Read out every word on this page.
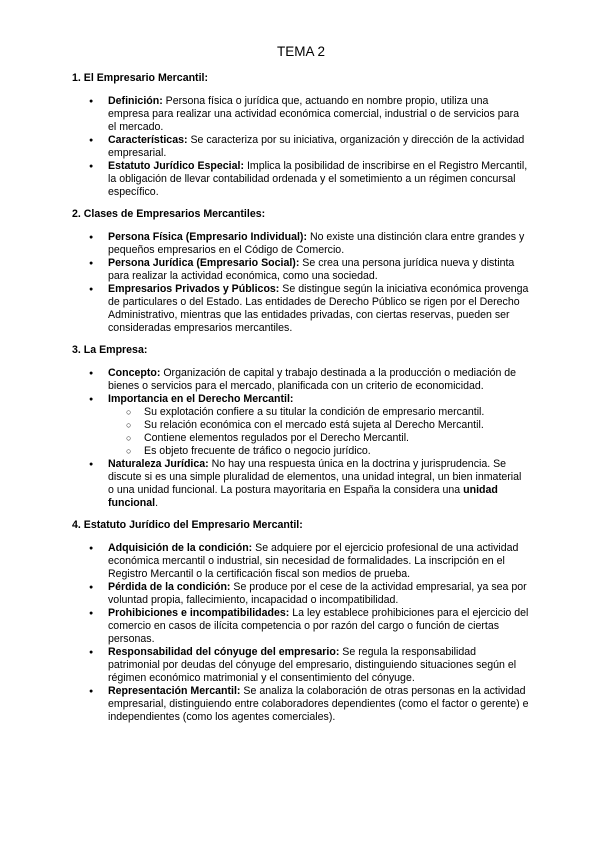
TEMA 2

1. El Empresario Mercantil:

● Definición: Persona física o jurídica que, actuando en nombre propio, utiliza una empresa para realizar una actividad económica comercial, industrial o de servicios para el mercado.
● Características: Se caracteriza por su iniciativa, organización y dirección de la actividad empresarial.
● Estatuto Jurídico Especial: Implica la posibilidad de inscribirse en el Registro Mercantil, la obligación de llevar contabilidad ordenada y el sometimiento a un régimen concursal específico.

2. Clases de Empresarios Mercantiles:

● Persona Física (Empresario Individual): No existe una distinción clara entre grandes y pequeños empresarios en el Código de Comercio.
● Persona Jurídica (Empresario Social): Se crea una persona jurídica nueva y distinta para realizar la actividad económica, como una sociedad.
● Empresarios Privados y Públicos: Se distingue según la iniciativa económica provenga de particulares o del Estado. Las entidades de Derecho Público se rigen por el Derecho Administrativo, mientras que las entidades privadas, con ciertas reservas, pueden ser consideradas empresarios mercantiles.

3. La Empresa:

● Concepto: Organización de capital y trabajo destinada a la producción o mediación de bienes o servicios para el mercado, planificada con un criterio de economicidad.
● Importancia en el Derecho Mercantil:
○ Su explotación confiere a su titular la condición de empresario mercantil.
○ Su relación económica con el mercado está sujeta al Derecho Mercantil.
○ Contiene elementos regulados por el Derecho Mercantil.
○ Es objeto frecuente de tráfico o negocio jurídico.
● Naturaleza Jurídica: No hay una respuesta única en la doctrina y jurisprudencia. Se discute si es una simple pluralidad de elementos, una unidad integral, un bien inmaterial o una unidad funcional. La postura mayoritaria en España la considera una unidad funcional.

4. Estatuto Jurídico del Empresario Mercantil:

● Adquisición de la condición: Se adquiere por el ejercicio profesional de una actividad económica mercantil o industrial, sin necesidad de formalidades. La inscripción en el Registro Mercantil o la certificación fiscal son medios de prueba.
● Pérdida de la condición: Se produce por el cese de la actividad empresarial, ya sea por voluntad propia, fallecimiento, incapacidad o incompatibilidad.
● Prohibiciones e incompatibilidades: La ley establece prohibiciones para el ejercicio del comercio en casos de ilícita competencia o por razón del cargo o función de ciertas personas.
● Responsabilidad del cónyuge del empresario: Se regula la responsabilidad patrimonial por deudas del cónyuge del empresario, distinguiendo situaciones según el régimen económico matrimonial y el consentimiento del cónyuge.
● Representación Mercantil: Se analiza la colaboración de otras personas en la actividad empresarial, distinguiendo entre colaboradores dependientes (como el factor o gerente) e independientes (como los agentes comerciales).
